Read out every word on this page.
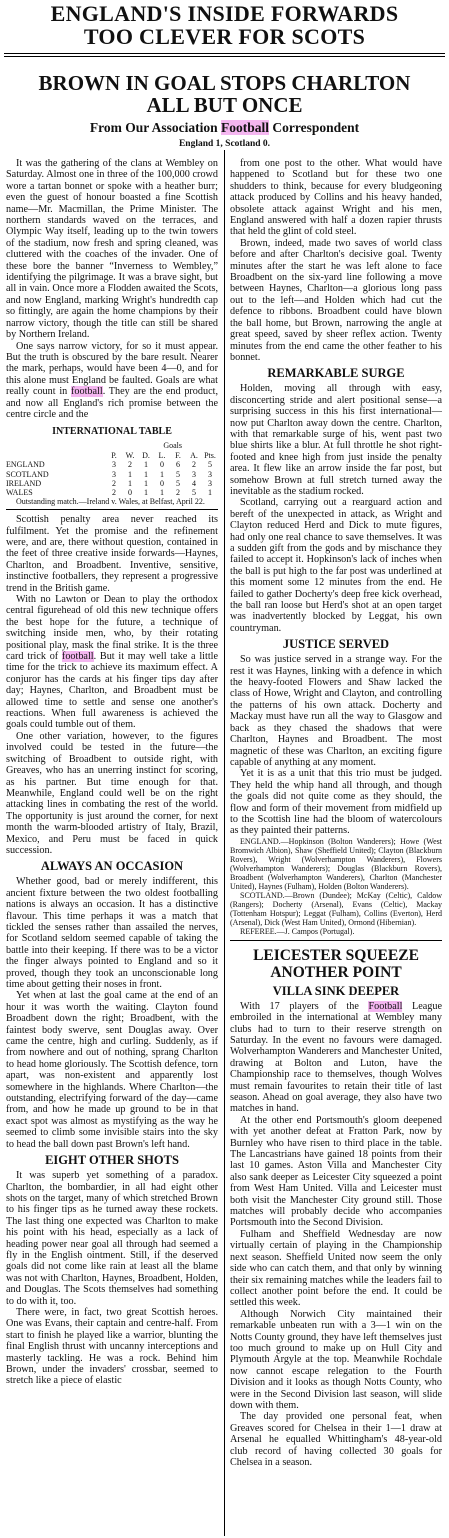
ENGLAND'S INSIDE FORWARDS
TOO CLEVER FOR SCOTS
BROWN IN GOAL STOPS CHARLTON
ALL BUT ONCE
From Our Association Football Correspondent
England 1, Scotland 0.

It was the gathering of the clans at Wembley on Saturday. Almost one in three of the 100,000 crowd wore a tartan bonnet or spoke with a heather burr; even the guest of honour boasted a fine Scottish name—Mr. Macmillan, the Prime Minister. The northern standards waved on the terraces, and Olympic Way itself, leading up to the twin towers of the stadium, now fresh and spring cleaned, was cluttered with the coaches of the invader. One of these bore the banner “Inverness to Wembley,” identifying the pilgrimage. It was a brave sight, but all in vain. Once more a Flodden awaited the Scots, and now England, marking Wright's hundredth cap so fittingly, are again the home champions by their narrow victory, though the title can still be shared by Northern Ireland.

One says narrow victory, for so it must appear. But the truth is obscured by the bare result. Nearer the mark, perhaps, would have been 4—0, and for this alone must England be faulted. Goals are what really count in football. They are the end product, and now all England's rich promise between the centre circle and the

INTERNATIONAL TABLE
Goals
	P.	W.	D.	L.	F.	A.	Pts.
ENGLAND	3	2	1	0	6	2	5
SCOTLAND	3	1	1	1	5	3	3
IRELAND	2	1	1	0	5	4	3
WALES	2	0	1	1	2	5	1
Outstanding match.—Ireland v. Wales, at Belfast, April 22.

Scottish penalty area never reached its fulfilment. Yet the promise and the refinement were, and are, there without question, contained in the feet of three creative inside forwards—Haynes, Charlton, and Broadbent. Inventive, sensitive, instinctive footballers, they represent a progressive trend in the British game.

With no Lawton or Dean to play the orthodox central figurehead of old this new technique offers the best hope for the future, a technique of switching inside men, who, by their rotating positional play, mask the final strike. It is the three card trick of football. But it may well take a little time for the trick to achieve its maximum effect. A conjuror has the cards at his finger tips day after day; Haynes, Charlton, and Broadbent must be allowed time to settle and sense one another's reactions. When full awareness is achieved the goals could tumble out of them.

One other variation, however, to the figures involved could be tested in the future—the switching of Broadbent to outside right, with Greaves, who has an unerring instinct for scoring, as his partner. But time enough for that. Meanwhile, England could well be on the right attacking lines in combating the rest of the world. The opportunity is just around the corner, for next month the warm-blooded artistry of Italy, Brazil, Mexico, and Peru must be faced in quick succession.

ALWAYS AN OCCASION

Whether good, bad or merely indifferent, this ancient fixture between the two oldest footballing nations is always an occasion. It has a distinctive flavour. This time perhaps it was a match that tickled the senses rather than assailed the nerves, for Scotland seldom seemed capable of taking the battle into their keeping. If there was to be a victor the finger always pointed to England and so it proved, though they took an unconscionable long time about getting their noses in front.

Yet when at last the goal came at the end of an hour it was worth the waiting. Clayton found Broadbent down the right; Broadbent, with the faintest body swerve, sent Douglas away. Over came the centre, high and curling. Suddenly, as if from nowhere and out of nothing, sprang Charlton to head home gloriously. The Scottish defence, torn apart, was non-existent and apparently lost somewhere in the highlands. Where Charlton—the outstanding, electrifying forward of the day—came from, and how he made up ground to be in that exact spot was almost as mystifying as the way he seemed to climb some invisible stairs into the sky to head the ball down past Brown's left hand.

EIGHT OTHER SHOTS

It was superb yet something of a paradox. Charlton, the bombardier, in all had eight other shots on the target, many of which stretched Brown to his finger tips as he turned away these rockets. The last thing one expected was Charlton to make his point with his head, especially as a lack of heading power near goal all through had seemed a fly in the English ointment. Still, if the deserved goals did not come like rain at least all the blame was not with Charlton, Haynes, Broadbent, Holden, and Douglas. The Scots themselves had something to do with it, too.

There were, in fact, two great Scottish heroes. One was Evans, their captain and centre-half. From start to finish he played like a warrior, blunting the final English thrust with uncanny interceptions and masterly tackling. He was a rock. Behind him Brown, under the invaders' crossbar, seemed to stretch like a piece of elastic

from one post to the other. What would have happened to Scotland but for these two one shudders to think, because for every bludgeoning attack produced by Collins and his heavy handed, obsolete attack against Wright and his men, England answered with half a dozen rapier thrusts that held the glint of cold steel.

Brown, indeed, made two saves of world class before and after Charlton's decisive goal. Twenty minutes after the start he was left alone to face Broadbent on the six-yard line following a move between Haynes, Charlton—a glorious long pass out to the left—and Holden which had cut the defence to ribbons. Broadbent could have blown the ball home, but Brown, narrowing the angle at great speed, saved by sheer reflex action. Twenty minutes from the end came the other feather to his bonnet.

REMARKABLE SURGE

Holden, moving all through with easy, disconcerting stride and alert positional sense—a surprising success in this his first international—now put Charlton away down the centre. Charlton, with that remarkable surge of his, went past two blue shirts like a blur. At full throttle he shot right-footed and knee high from just inside the penalty area. It flew like an arrow inside the far post, but somehow Brown at full stretch turned away the inevitable as the stadium rocked.

Scotland, carrying out a rearguard action and bereft of the unexpected in attack, as Wright and Clayton reduced Herd and Dick to mute figures, had only one real chance to save themselves. It was a sudden gift from the gods and by mischance they failed to accept it. Hopkinson's lack of inches when the ball is put high to the far post was underlined at this moment some 12 minutes from the end. He failed to gather Docherty's deep free kick overhead, the ball ran loose but Herd's shot at an open target was inadvertently blocked by Leggat, his own countryman.

JUSTICE SERVED

So was justice served in a strange way. For the rest it was Haynes, linking with a defence in which the heavy-footed Flowers and Shaw lacked the class of Howe, Wright and Clayton, and controlling the patterns of his own attack. Docherty and Mackay must have run all the way to Glasgow and back as they chased the shadows that were Charlton, Haynes and Broadbent. The most magnetic of these was Charlton, an exciting figure capable of anything at any moment.

Yet it is as a unit that this trio must be judged. They held the whip hand all through, and though the goals did not quite come as they should, the flow and form of their movement from midfield up to the Scottish line had the bloom of watercolours as they painted their patterns.

ENGLAND.—Hopkinson (Bolton Wanderers); Howe (West Bromwich Albion), Shaw (Sheffield United); Clayton (Blackburn Rovers), Wright (Wolverhampton Wanderers), Flowers (Wolverhampton Wanderers); Douglas (Blackburn Rovers), Broadbent (Wolverhampton Wanderers), Charlton (Manchester United), Haynes (Fulham), Holden (Bolton Wanderers).

SCOTLAND.—Brown (Dundee); McKay (Celtic), Caldow (Rangers); Docherty (Arsenal), Evans (Celtic), Mackay (Tottenham Hotspur); Leggat (Fulham), Collins (Everton), Herd (Arsenal), Dick (West Ham United), Ormond (Hibernian).

REFEREE.—J. Campos (Portugal).

LEICESTER SQUEEZE
ANOTHER POINT
VILLA SINK DEEPER

With 17 players of the Football League embroiled in the international at Wembley many clubs had to turn to their reserve strength on Saturday. In the event no favours were damaged. Wolverhampton Wanderers and Manchester United, drawing at Bolton and Luton, have the Championship race to themselves, though Wolves must remain favourites to retain their title of last season. Ahead on goal average, they also have two matches in hand.

At the other end Portsmouth's gloom deepened with yet another defeat at Fratton Park, now by Burnley who have risen to third place in the table. The Lancastrians have gained 18 points from their last 10 games. Aston Villa and Manchester City also sank deeper as Leicester City squeezed a point from West Ham United. Villa and Leicester must both visit the Manchester City ground still. Those matches will probably decide who accompanies Portsmouth into the Second Division.

Fulham and Sheffield Wednesday are now virtually certain of playing in the Championship next season. Sheffield United now seem the only side who can catch them, and that only by winning their six remaining matches while the leaders fail to collect another point before the end. It could be settled this week.

Although Norwich City maintained their remarkable unbeaten run with a 3—1 win on the Notts County ground, they have left themselves just too much ground to make up on Hull City and Plymouth Argyle at the top. Meanwhile Rochdale now cannot escape relegation to the Fourth Division and it looks as though Notts County, who were in the Second Division last season, will slide down with them.

The day provided one personal feat, when Greaves scored for Chelsea in their 1—1 draw at Arsenal he equalled Whittingham's 48-year-old club record of having collected 30 goals for Chelsea in a season.
